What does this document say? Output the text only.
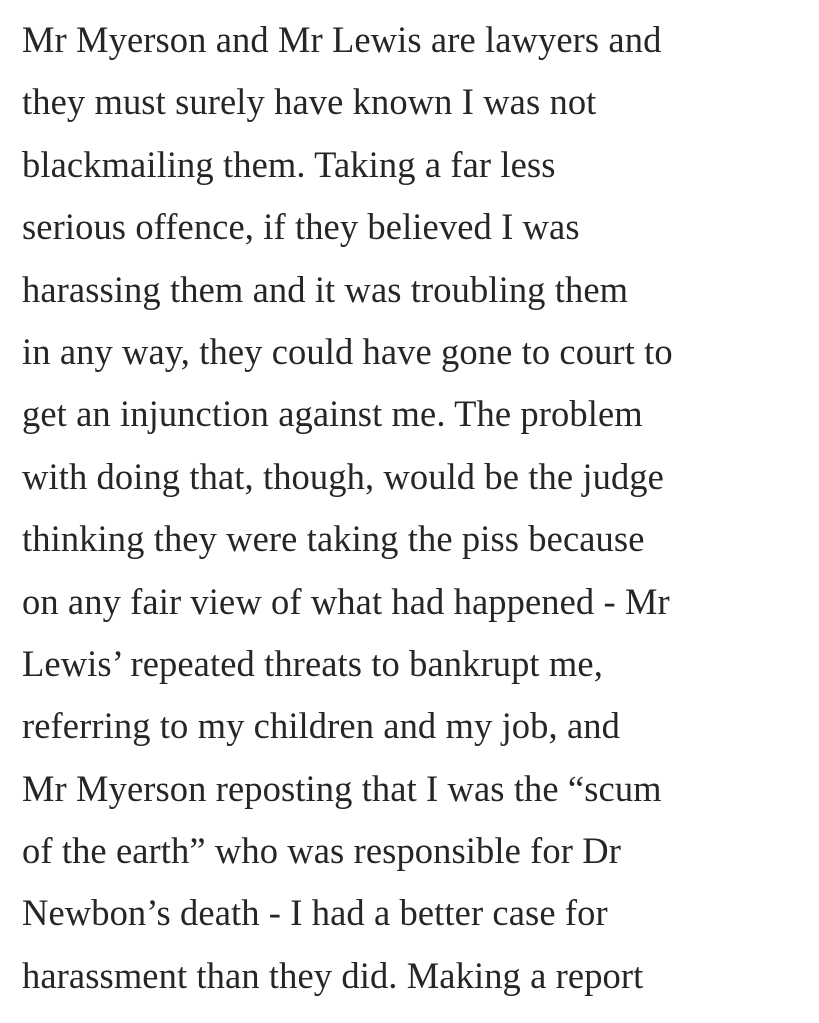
Mr Myerson and Mr Lewis are lawyers and
they must surely have known I was not
blackmailing them. Taking a far less
serious offence, if they believed I was
harassing them and it was troubling them
in any way, they could have gone to court to
get an injunction against me. The problem
with doing that, though, would be the judge
thinking they were taking the piss because
on any fair view of what had happened - Mr
Lewis’ repeated threats to bankrupt me,
referring to my children and my job, and
Mr Myerson reposting that I was the “scum
of the earth” who was responsible for Dr
Newbon’s death - I had a better case for
harassment than they did. Making a report
